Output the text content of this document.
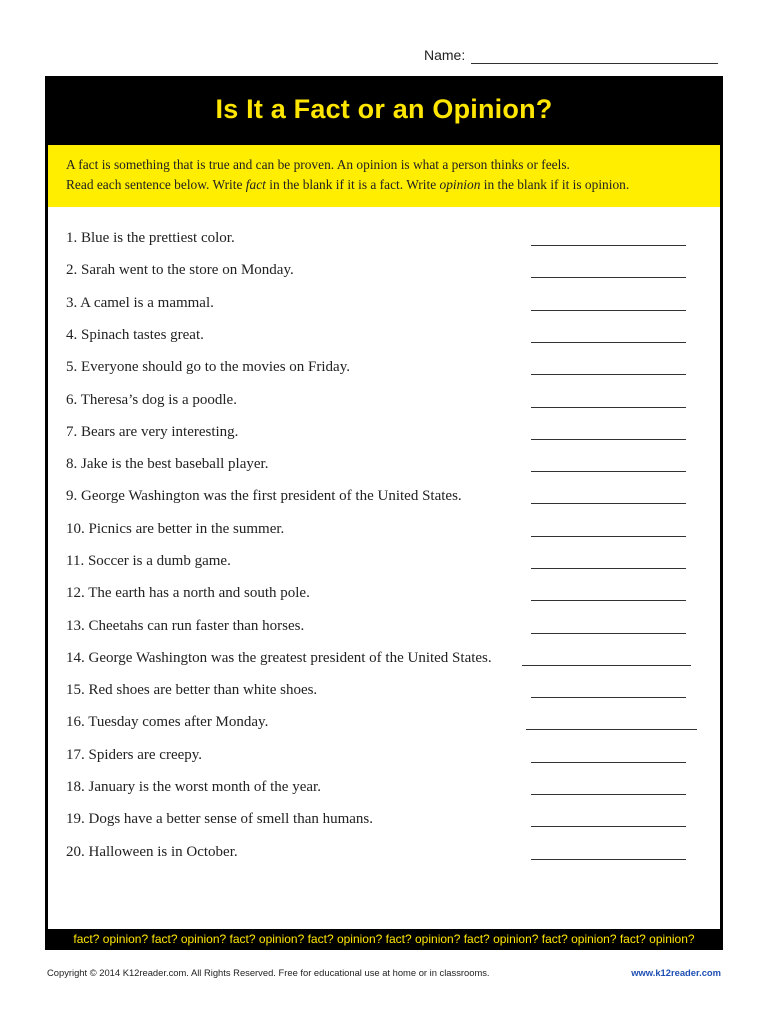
Name:
Is It a Fact or an Opinion?
A fact is something that is true and can be proven. An opinion is what a person thinks or feels.
Read each sentence below. Write fact in the blank if it is a fact. Write opinion in the blank if it is opinion.
1. Blue is the prettiest color.
2. Sarah went to the store on Monday.
3. A camel is a mammal.
4. Spinach tastes great.
5. Everyone should go to the movies on Friday.
6. Theresa’s dog is a poodle.
7. Bears are very interesting.
8. Jake is the best baseball player.
9. George Washington was the first president of the United States.
10. Picnics are better in the summer.
11. Soccer is a dumb game.
12. The earth has a north and south pole.
13. Cheetahs can run faster than horses.
14. George Washington was the greatest president of the United States.
15. Red shoes are better than white shoes.
16. Tuesday comes after Monday.
17. Spiders are creepy.
18. January is the worst month of the year.
19. Dogs have a better sense of smell than humans.
20. Halloween is in October.
fact? opinion? fact? opinion? fact? opinion? fact? opinion? fact? opinion? fact? opinion? fact? opinion? fact? opinion?
Copyright © 2014 K12reader.com. All Rights Reserved. Free for educational use at home or in classrooms.	www.k12reader.com
